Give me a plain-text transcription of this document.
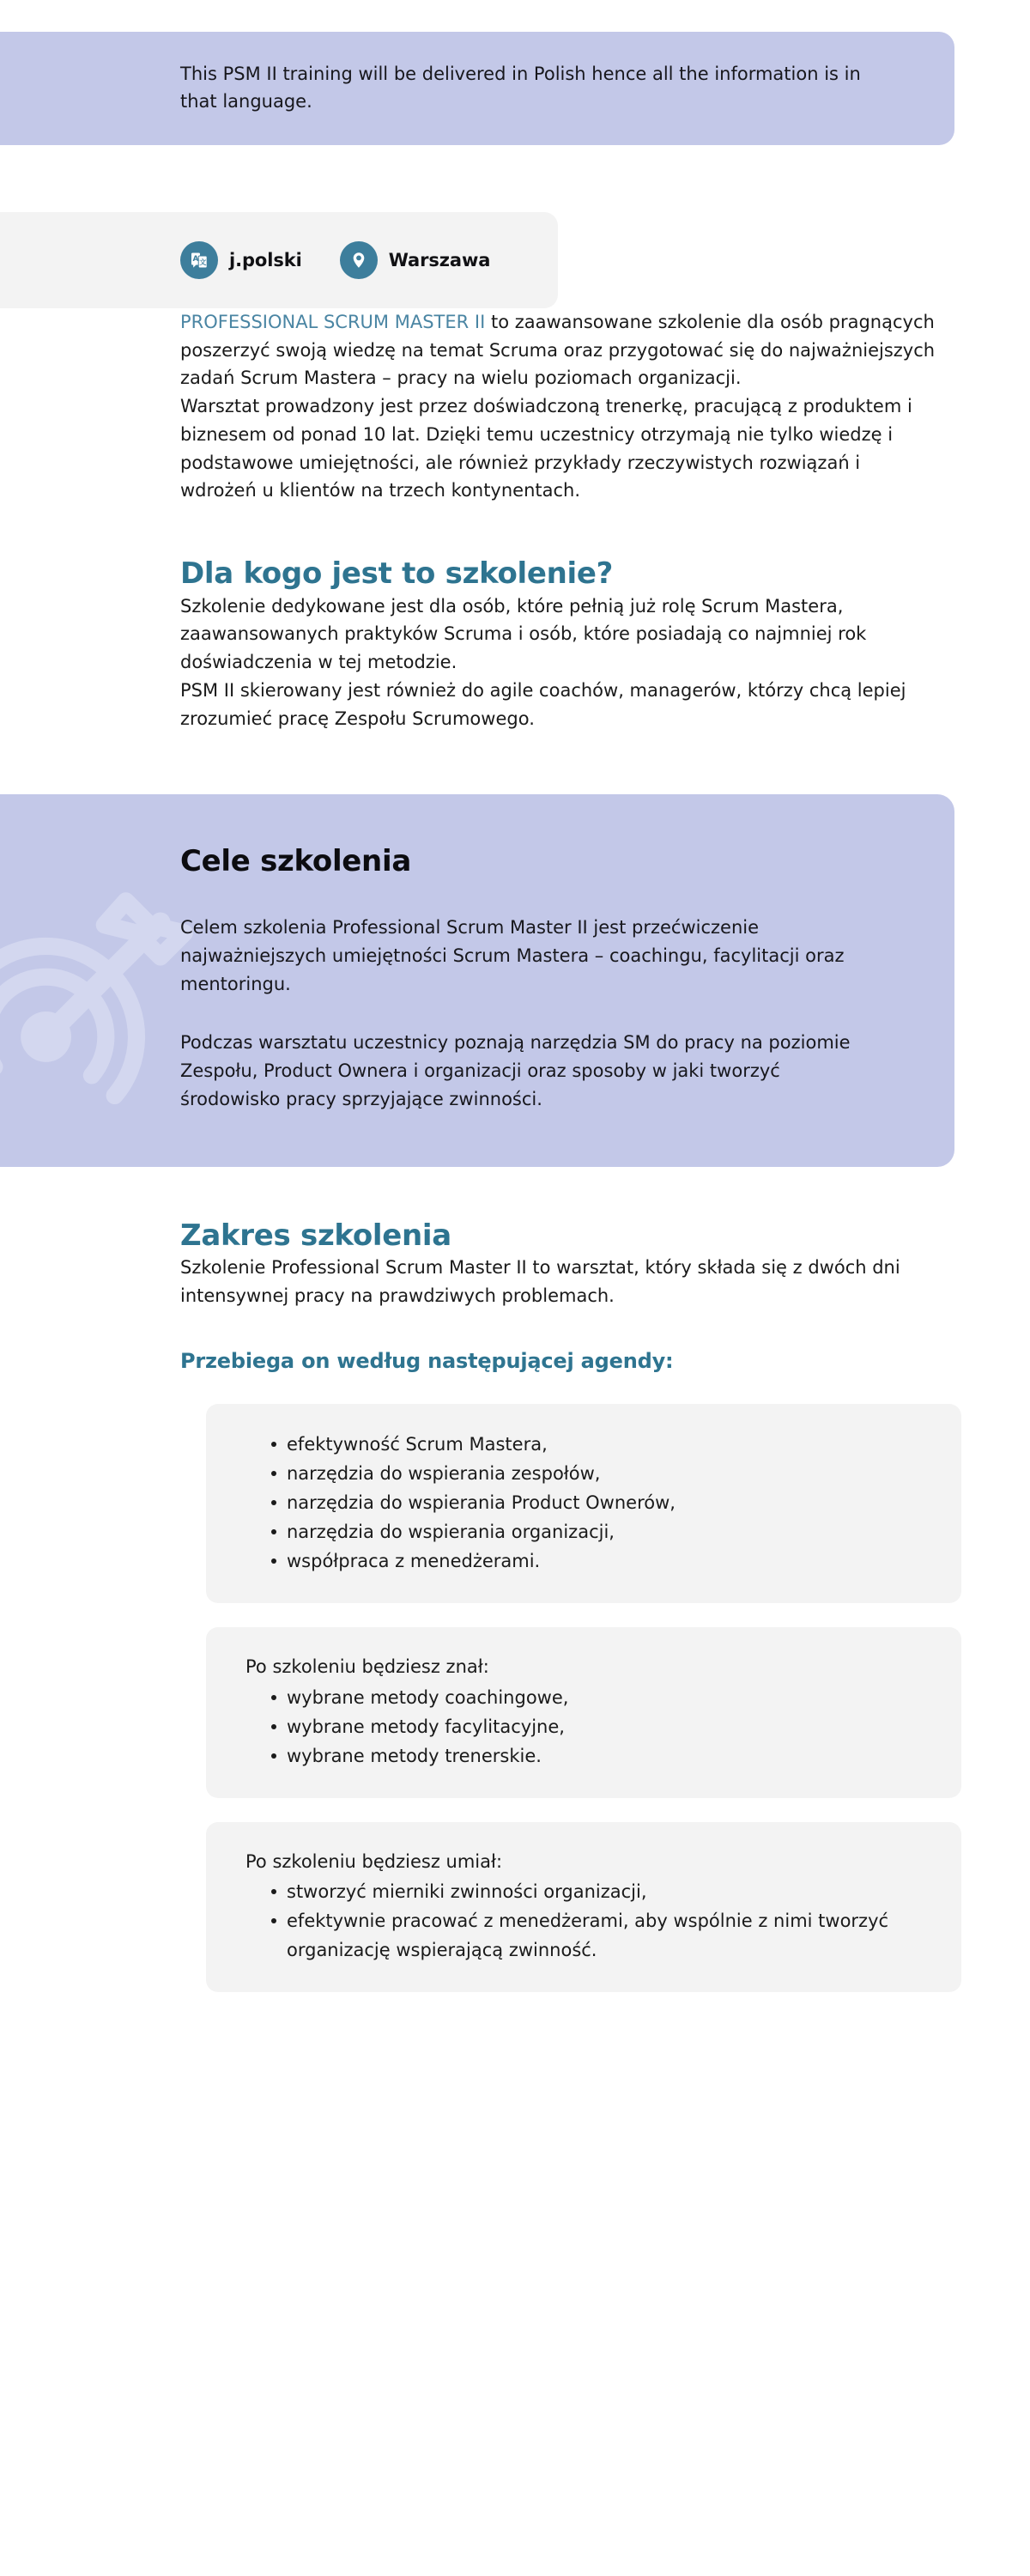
This PSM II training will be delivered in Polish hence all the information is in that language.

A 文 j.polski	Warszawa

PROFESSIONAL SCRUM MASTER II to zaawansowane szkolenie dla osób pragnących poszerzyć swoją wiedzę na temat Scruma oraz przygotować się do najważniejszych zadań Scrum Mastera – pracy na wielu poziomach organizacji.

Warsztat prowadzony jest przez doświadczoną trenerkę, pracującą z produktem i biznesem od ponad 10 lat. Dzięki temu uczestnicy otrzymają nie tylko wiedzę i podstawowe umiejętności, ale również przykłady rzeczywistych rozwiązań i wdrożeń u klientów na trzech kontynentach.

Dla kogo jest to szkolenie?

Szkolenie dedykowane jest dla osób, które pełnią już rolę Scrum Mastera, zaawansowanych praktyków Scruma i osób, które posiadają co najmniej rok doświadczenia w tej metodzie.

PSM II skierowany jest również do agile coachów, managerów, którzy chcą lepiej zrozumieć pracę Zespołu Scrumowego.

Cele szkolenia

Celem szkolenia Professional Scrum Master II jest przećwiczenie najważniejszych umiejętności Scrum Mastera – coachingu, facylitacji oraz mentoringu.

Podczas warsztatu uczestnicy poznają narzędzia SM do pracy na poziomie Zespołu, Product Ownera i organizacji oraz sposoby w jaki tworzyć środowisko pracy sprzyjające zwinności.

Zakres szkolenia

Szkolenie Professional Scrum Master II to warsztat, który składa się z dwóch dni intensywnej pracy na prawdziwych problemach.

Przebiega on według następującej agendy:
efektywność Scrum Mastera,
narzędzia do wspierania zespołów,
narzędzia do wspierania Product Ownerów,
narzędzia do wspierania organizacji,
współpraca z menedżerami.

Po szkoleniu będziesz znał:

wybrane metody coachingowe,
wybrane metody facylitacyjne,
wybrane metody trenerskie.

Po szkoleniu będziesz umiał:

stworzyć mierniki zwinności organizacji,
efektywnie pracować z menedżerami, aby wspólnie z nimi tworzyć organizację wspierającą zwinność.
